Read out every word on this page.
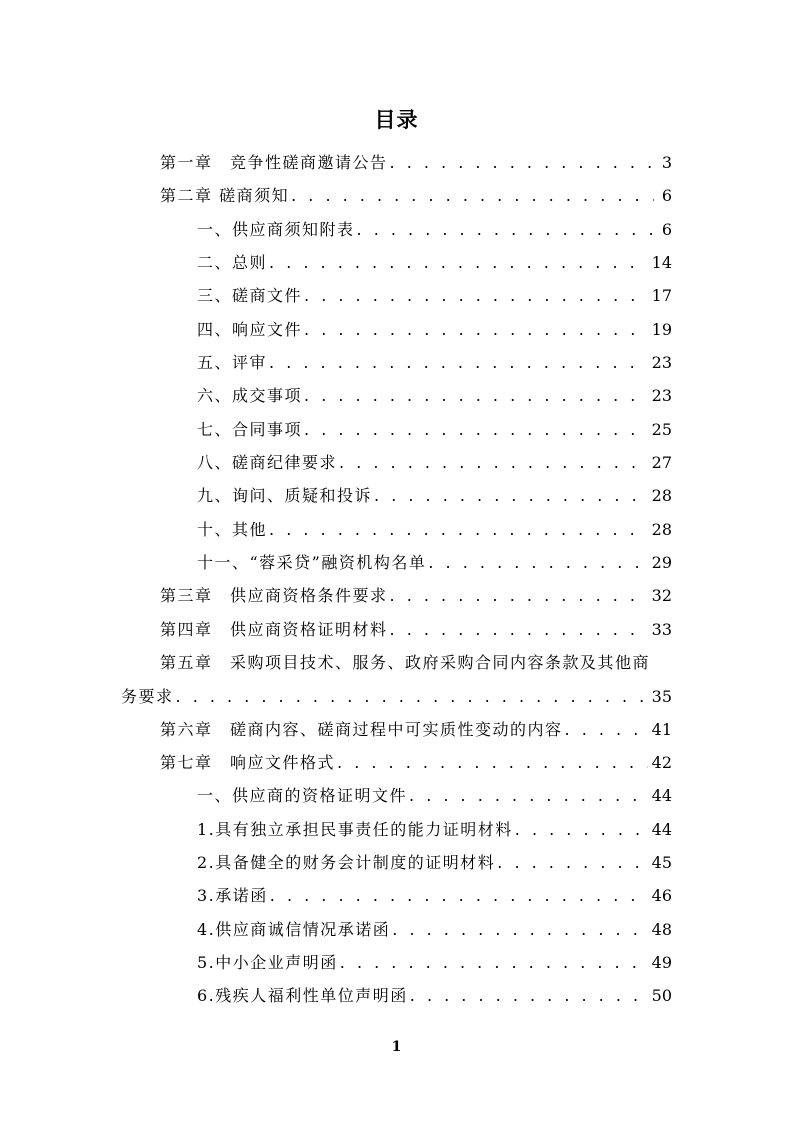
目录
第一章　竞争性磋商邀请公告 . . .	3
第二章 磋商须知 . . .	6
一、供应商须知附表 . . .	6
二、总则 . . .	14
三、磋商文件 . . .	17
四、响应文件 . . .	19
五、评审 . . .	23
六、成交事项 . . .	23
七、合同事项 . . .	25
八、磋商纪律要求 . . .	27
九、询问、质疑和投诉 . . .	28
十、其他 . . .	28
十一、“蓉采贷”融资机构名单 . . .	29
第三章　供应商资格条件要求 . . .	32
第四章　供应商资格证明材料 . . .	33
第五章　采购项目技术、服务、政府采购合同内容条款及其他商
务要求 . . .	35
第六章　磋商内容、磋商过程中可实质性变动的内容 . . .	41
第七章　响应文件格式 . . .	42
一、供应商的资格证明文件 . . .	44
1.具有独立承担民事责任的能力证明材料 . . .	44
2.具备健全的财务会计制度的证明材料 . . .	45
3.承诺函 . . .	46
4.供应商诚信情况承诺函 . . .	48
5.中小企业声明函 . . .	49
6.残疾人福利性单位声明函 . . .	50
1
